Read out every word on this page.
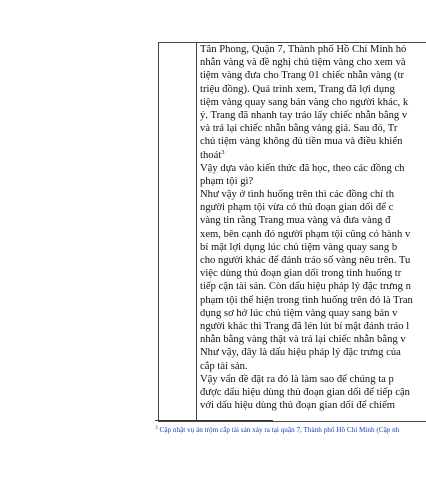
Tân Phong, Quận 7, Thành phố Hồ Chí Minh hỏ
nhẫn vàng và đề nghị chủ tiệm vàng cho xem và
tiệm vàng đưa cho Trang 01 chiếc nhẫn vàng (tr
triệu đồng). Quá trình xem, Trang đã lợi dụng
tiệm vàng quay sang bán vàng cho người khác, k
ý. Trang đã nhanh tay tráo lấy chiếc nhẫn bằng v
và trả lại chiếc nhẫn bằng vàng giả. Sau đó, Tr
chủ tiệm vàng không đủ tiền mua và điều khiển
thoát$^3$
Vậy dựa vào kiến thức đã học, theo các đồng ch
phạm tội gì?
Như vậy ở tình huống trên thì các đồng chí th
người phạm tội vừa có thủ đoạn gian dối để c
vàng tin rằng Trang mua vàng và đưa vàng đ
xem, bên cạnh đó người phạm tội cũng có hành v
bí mật lợi dụng lúc chủ tiệm vàng quay sang b
cho người khác để đánh tráo số vàng nêu trên. Tu
việc dùng thủ đoạn gian dối trong tình huống tr
tiếp cận tài sản. Còn dấu hiệu pháp lý đặc trưng n
phạm tội thể hiện trong tình huống trên đó là Tran
dụng sơ hở lúc chủ tiệm vàng quay sang bán v
người khác thì Trang đã lén lút bí mật đánh tráo l
nhẫn bằng vàng thật và trả lại chiếc nhẫn bằng v
Như vậy, đây là dấu hiệu pháp lý đặc trưng của
cắp tài sản.
Vậy vấn đề đặt ra đó là làm sao để chúng ta p
được dấu hiệu dùng thủ đoạn gian dối để tiếp cận
với dấu hiệu dùng thủ đoạn gian dối để chiếm
$^3$ Cập nhật vụ án trộm cắp tài sản xảy ra tại quận 7, Thành phố Hồ Chí Minh (Cập nh
